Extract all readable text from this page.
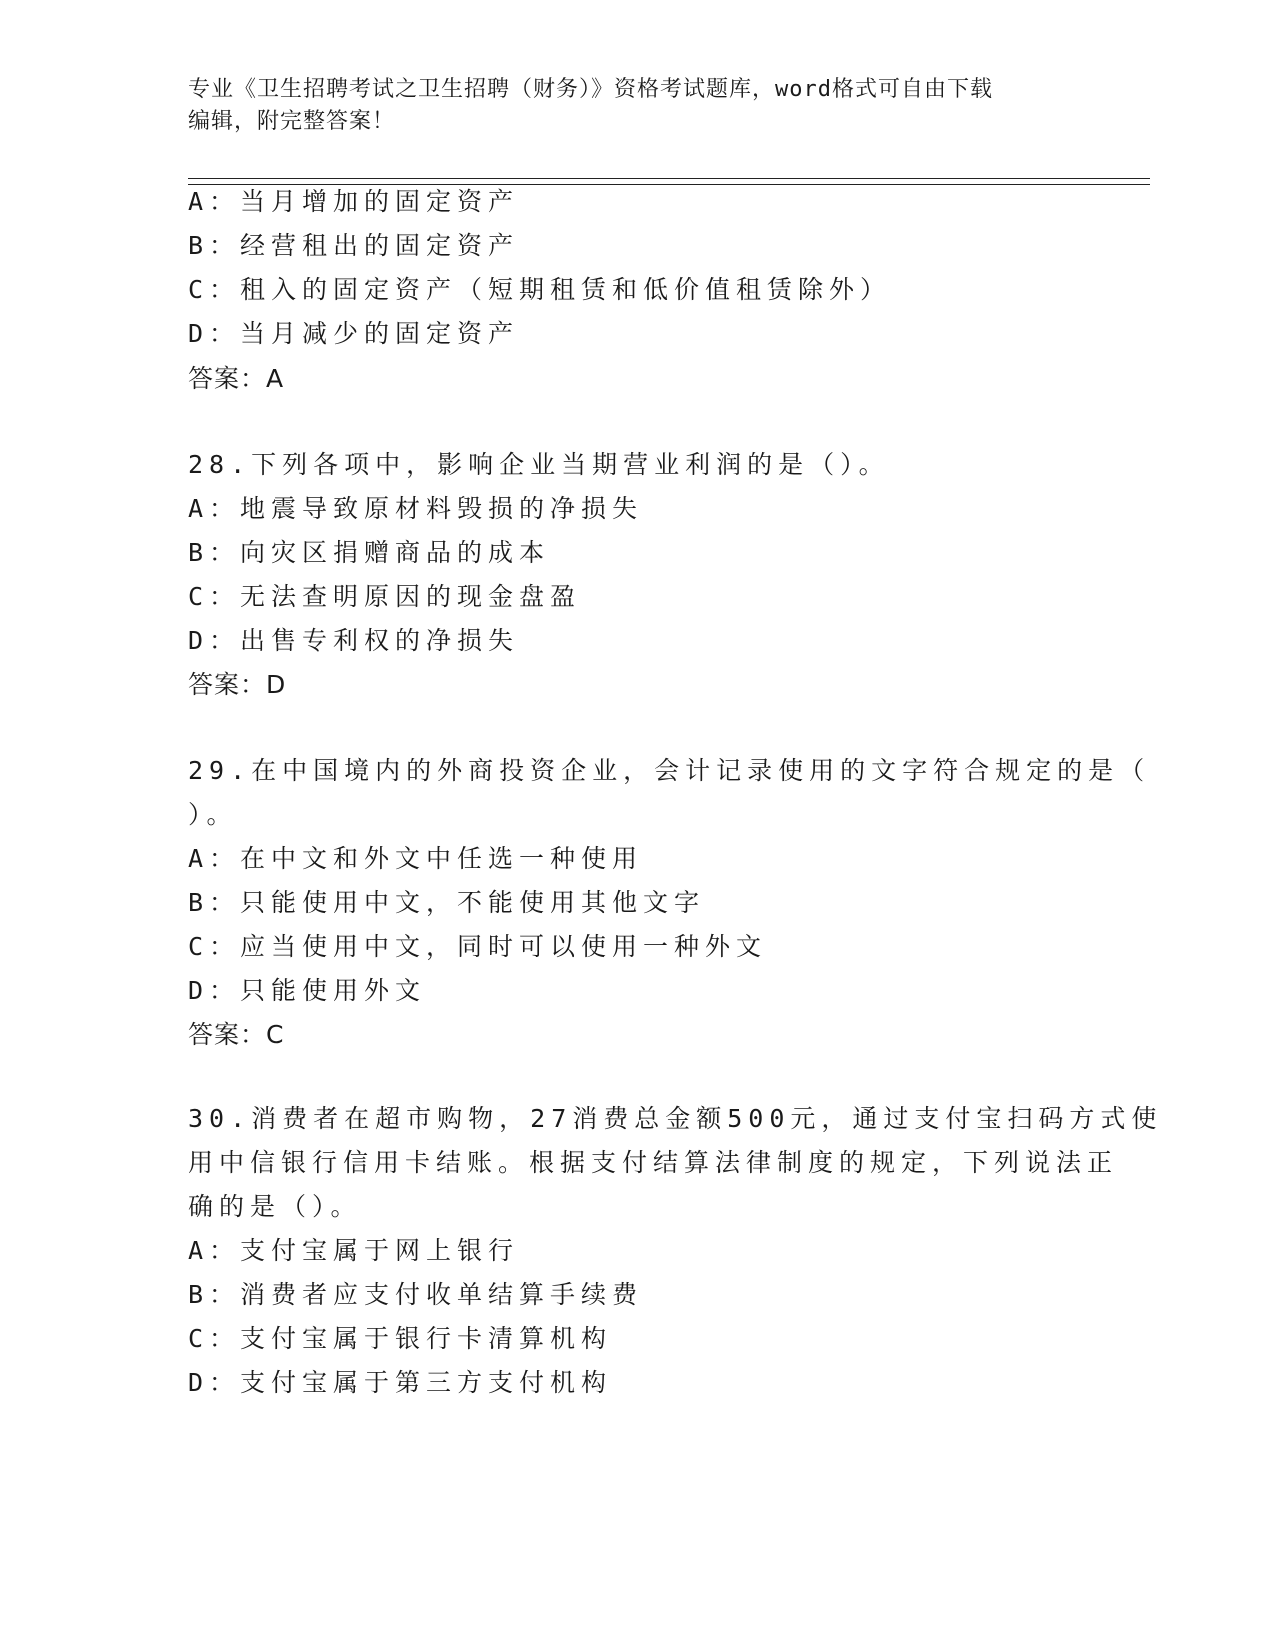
专业《卫生招聘考试之卫生招聘（财务）》资格考试题库，word格式可自由下载
编辑，附完整答案！
A：当月增加的固定资产
B：经营租出的固定资产
C：租入的固定资产（短期租赁和低价值租赁除外）
D：当月减少的固定资产
答案：A
28.下列各项中，影响企业当期营业利润的是（）。
A：地震导致原材料毁损的净损失
B：向灾区捐赠商品的成本
C：无法查明原因的现金盘盈
D：出售专利权的净损失
答案：D
29.在中国境内的外商投资企业，会计记录使用的文字符合规定的是（
）。
A：在中文和外文中任选一种使用
B：只能使用中文，不能使用其他文字
C：应当使用中文，同时可以使用一种外文
D：只能使用外文
答案：C
30.消费者在超市购物，27消费总金额500元，通过支付宝扫码方式使
用中信银行信用卡结账。根据支付结算法律制度的规定，下列说法正
确的是（）。
A：支付宝属于网上银行
B：消费者应支付收单结算手续费
C：支付宝属于银行卡清算机构
D：支付宝属于第三方支付机构
